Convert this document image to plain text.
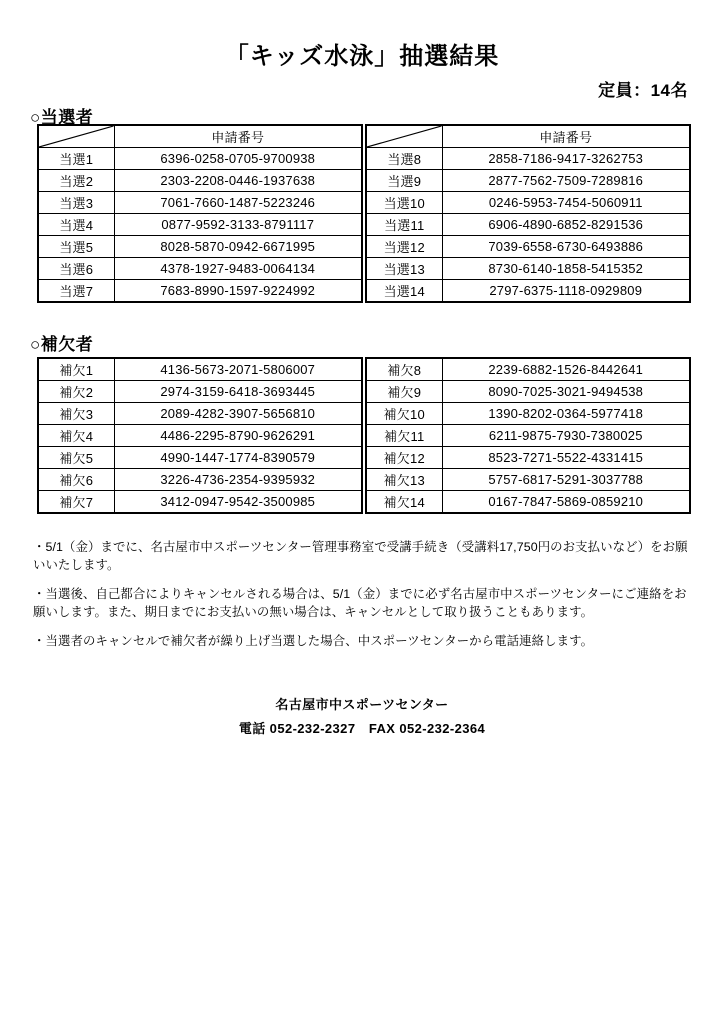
「キッズ水泳」抽選結果
定員：14名
○当選者
	申請番号
当選1	6396-0258-0705-9700938
当選2	2303-2208-0446-1937638
当選3	7061-7660-1487-5223246
当選4	0877-9592-3133-8791117
当選5	8028-5870-0942-6671995
当選6	4378-1927-9483-0064134
当選7	7683-8990-1597-9224992
	申請番号
当選8	2858-7186-9417-3262753
当選9	2877-7562-7509-7289816
当選10	0246-5953-7454-5060911
当選11	6906-4890-6852-8291536
当選12	7039-6558-6730-6493886
当選13	8730-6140-1858-5415352
当選14	2797-6375-1118-0929809
○補欠者
補欠1	4136-5673-2071-5806007
補欠2	2974-3159-6418-3693445
補欠3	2089-4282-3907-5656810
補欠4	4486-2295-8790-9626291
補欠5	4990-1447-1774-8390579
補欠6	3226-4736-2354-9395932
補欠7	3412-0947-9542-3500985
補欠8	2239-6882-1526-8442641
補欠9	8090-7025-3021-9494538
補欠10	1390-8202-0364-5977418
補欠11	6211-9875-7930-7380025
補欠12	8523-7271-5522-4331415
補欠13	5757-6817-5291-3037788
補欠14	0167-7847-5869-0859210
・5/1（金）までに、名古屋市中スポーツセンター管理事務室で受講手続き（受講料17,750円のお支払いなど）をお願いいたします。
・当選後、自己都合によりキャンセルされる場合は、5/1（金）までに必ず名古屋市中スポーツセンターにご連絡をお願いします。また、期日までにお支払いの無い場合は、キャンセルとして取り扱うこともあります。
・当選者のキャンセルで補欠者が繰り上げ当選した場合、中スポーツセンターから電話連絡します。
名古屋市中スポーツセンター
電話 052-232-2327　FAX 052-232-2364
